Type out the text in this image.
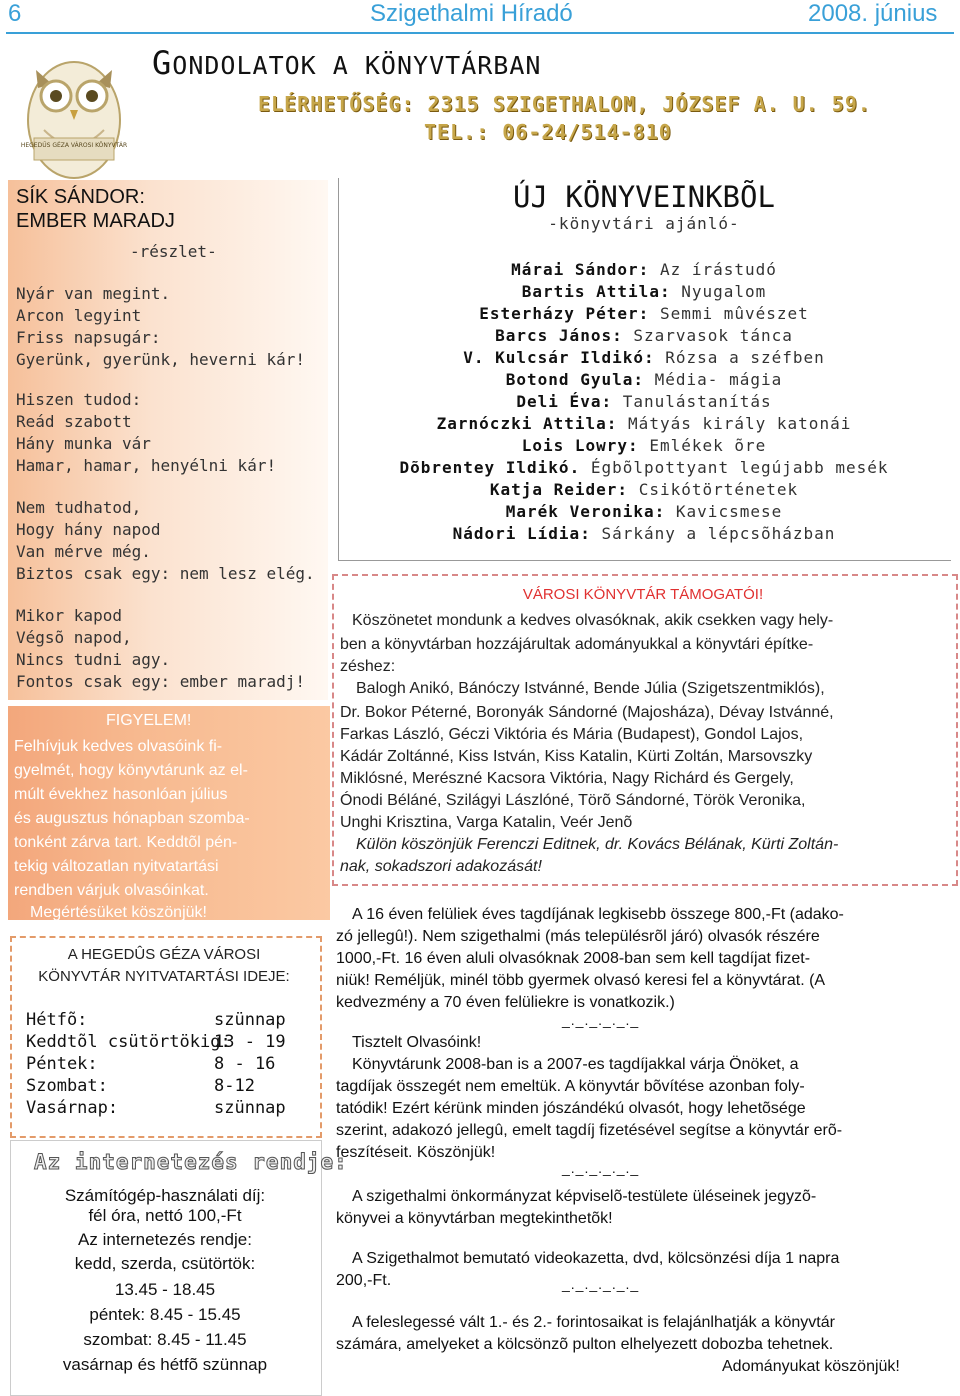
6	Szigethalmi Híradó	2008. június
HEGEDŰS GÉZA VÁROSI KÖNYVTÁR
GONDOLATOK A KÖNYVTÁRBAN
ELÉRHETŐSÉG: 2315 SZIGETHALOM, JÓZSEF A. U. 59.
TEL.: 06-24/514-810
SÍK SÁNDOR:
EMBER MARADJ
-részlet-
Nyár van megint.
Arcon legyint
Friss napsugár:
Gyerünk, gyerünk, heverni kár!
Hiszen tudod:
Reád szabott
Hány munka vár
Hamar, hamar, henyélni kár!
Nem tudhatod,
Hogy hány napod
Van mérve még.
Biztos csak egy: nem lesz elég.
Mikor kapod
Végsõ napod,
Nincs tudni agy.
Fontos csak egy: ember maradj!
FIGYELEM!
Felhívjuk kedves olvasóink fi-
gyelmét, hogy könyvtárunk az el-
múlt évekhez hasonlóan július
és augusztus hónapban szomba-
tonként zárva tart. Keddtõl pén-
tekig változatlan nyitvatartási
rendben várjuk olvasóinkat.
Megértésüket köszönjük!
A HEGEDÛS GÉZA VÁROSI
KÖNYVTÁR NYITVATARTÁSI IDEJE:
Hétfõ:	szünnap
Keddtõl csütörtökig:
13 - 19
Péntek:	8 - 16
Szombat:	8-12
Vasárnap:	szünnap
Az internetezés rendje:
Számítógép-használati díj:
fél óra, nettó 100,-Ft
Az internetezés rendje:
kedd, szerda, csütörtök:
13.45 - 18.45
péntek: 8.45 - 15.45
szombat: 8.45 - 11.45
vasárnap és hétfõ szünnap
ÚJ KÖNYVEINKBÕL
-könyvtári ajánló-
Márai Sándor: Az írástudó
Bartis Attila: Nyugalom
Esterházy Péter: Semmi mûvészet
Barcs János: Szarvasok tánca
V. Kulcsár Ildikó: Rózsa a széfben
Botond Gyula: Média- mágia
Deli Éva: Tanulástanítás
Zarnóczki Attila: Mátyás király katonái
Lois Lowry: Emlékek õre
Dõbrentey Ildikó. Égbõlpottyant legújabb mesék
Katja Reider: Csikótörténetek
Marék Veronika: Kavicsmese
Nádori Lídia: Sárkány a lépcsõházban
VÁROSI KÖNYVTÁR TÁMOGATÓI!
Köszönetet mondunk a kedves olvasóknak, akik csekken vagy hely-
ben a könyvtárban hozzájárultak adományukkal a könyvtári építke-
zéshez:
Balogh Anikó, Bánóczy Istvánné, Bende Júlia (Szigetszentmiklós),
Dr. Bokor Péterné, Boronyák Sándorné (Majosháza), Dévay Istvánné,
Farkas László, Géczi Viktória és Mária (Budapest), Gondol Lajos,
Kádár Zoltánné, Kiss István, Kiss Katalin, Kürti Zoltán, Marsovszky
Miklósné, Merészné Kacsora Viktória, Nagy Richárd és Gergely,
Ónodi Béláné, Szilágyi Lászlóné, Törõ Sándorné, Török Veronika,
Unghi Krisztina, Varga Katalin, Veér Jenõ
Külön köszönjük Ferenczi Editnek, dr. Kovács Bélának, Kürti Zoltán-
nak, sokadszori adakozását!
A 16 éven felüliek éves tagdíjának legkisebb összege 800,-Ft (adako-
zó jellegû!). Nem szigethalmi (más településrõl járó) olvasók részére
1000,-Ft. 16 éven aluli olvasóknak 2008-ban sem kell tagdíjat fizet-
niük! Reméljük, minél több gyermek olvasó keresi fel a könyvtárat. (A
kedvezmény a 70 éven felüliekre is vonatkozik.)
_._._._._._
Tisztelt Olvasóink!
Könyvtárunk 2008-ban is a 2007-es tagdíjakkal várja Önöket, a
tagdíjak összegét nem emeltük. A könyvtár bõvítése azonban foly-
tatódik! Ezért kérünk minden jószándékú olvasót, hogy lehetõsége
szerint, adakozó jellegû, emelt tagdíj fizetésével segítse a könyvtár erõ-
feszítéseit. Köszönjük!
_._._._._._
A szigethalmi önkormányzat képviselõ-testülete üléseinek jegyzõ-
könyvei a könyvtárban megtekinthetõk!
A Szigethalmot bemutató videokazetta, dvd, kölcsönzési díja 1 napra
200,-Ft.	_._._._._._
A feleslegessé vált 1.- és 2.- forintosaikat is felajánlhatják a könyvtár
számára, amelyeket a kölcsönzõ pulton elhelyezett dobozba tehetnek.
Adományukat köszönjük!
